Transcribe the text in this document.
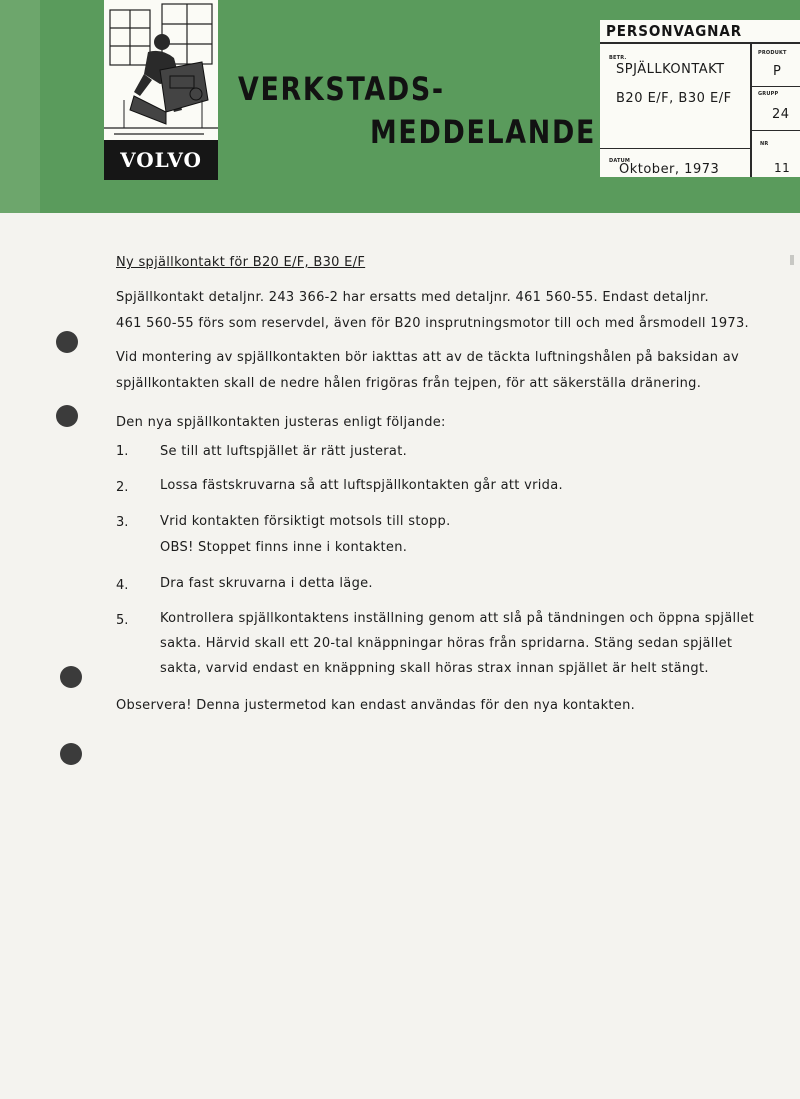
VOLVO
VERKSTADS-
MEDDELANDE
PERSONVAGNAR
BETR.
SPJÄLLKONTAKT
B20 E/F, B30 E/F
PRODUKT
P
GRUPP
24
NR
11
DATUM
Oktober, 1973
Ny spjällkontakt för B20 E/F, B30 E/F
Spjällkontakt detaljnr. 243 366-2 har ersatts med detaljnr. 461 560-55. Endast detaljnr.
461 560-55 förs som reservdel, även för B20 insprutningsmotor till och med årsmodell 1973.
Vid montering av spjällkontakten bör iakttas att av de täckta luftningshålen på baksidan av
spjällkontakten skall de nedre hålen frigöras från tejpen, för att säkerställa dränering.
Den nya spjällkontakten justeras enligt följande:
1. Se till att luftspjället är rätt justerat.
2. Lossa fästskruvarna så att luftspjällkontakten går att vrida.
3. Vrid kontakten försiktigt motsols till stopp.
OBS! Stoppet finns inne i kontakten.
4. Dra fast skruvarna i detta läge.
5. Kontrollera spjällkontaktens inställning genom att slå på tändningen och öppna spjället
sakta. Härvid skall ett 20-tal knäppningar höras från spridarna. Stäng sedan spjället
sakta, varvid endast en knäppning skall höras strax innan spjället är helt stängt.
Observera! Denna justermetod kan endast användas för den nya kontakten.
